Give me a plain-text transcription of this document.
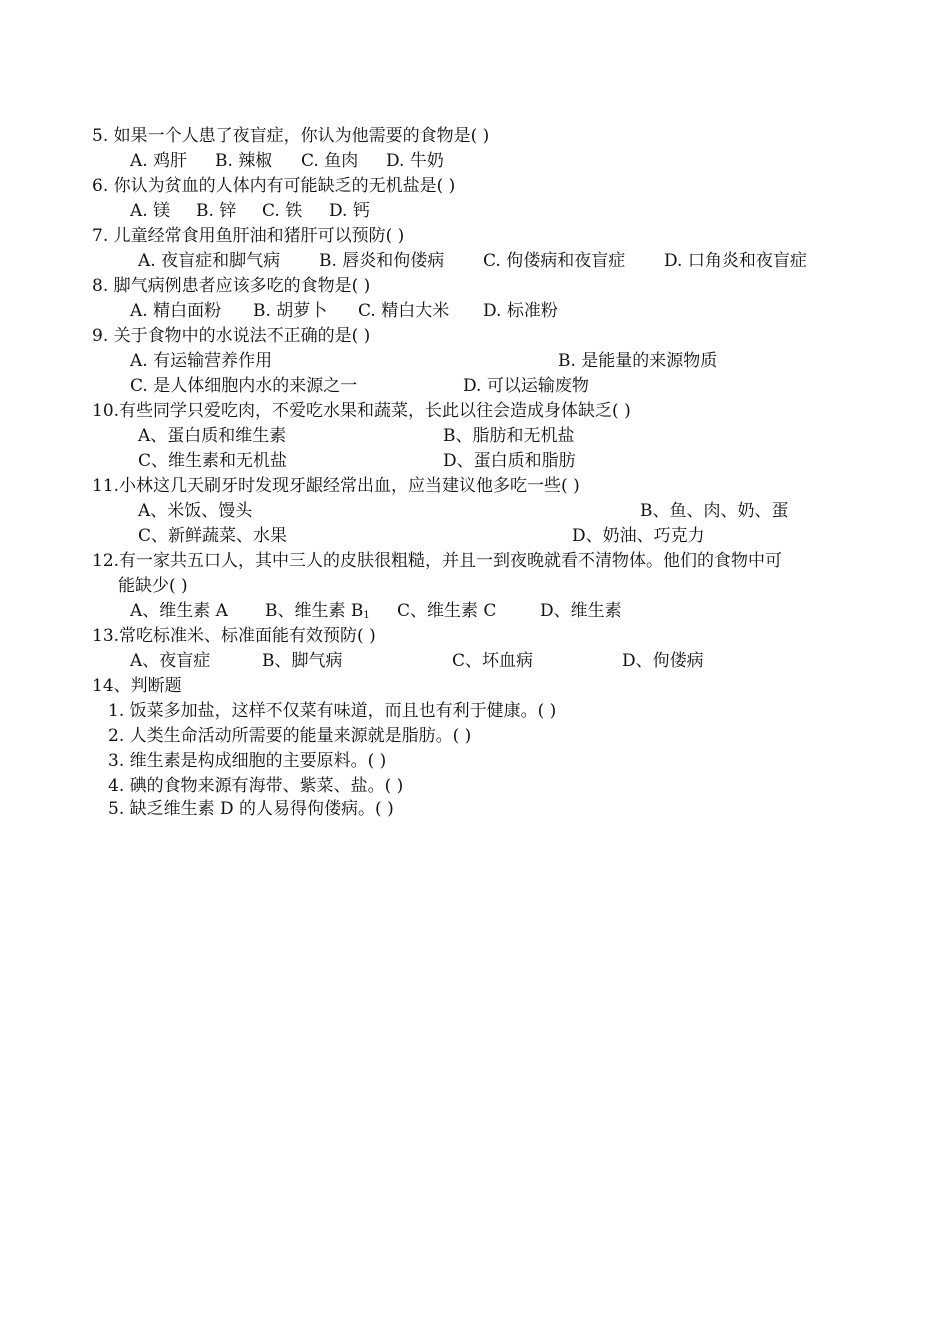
5. 如果一个人患了夜盲症，你认为他需要的食物是( )
A. 鸡肝 B. 辣椒 C. 鱼肉 D. 牛奶
6. 你认为贫血的人体内有可能缺乏的无机盐是( )
A. 镁 B. 锌 C. 铁 D. 钙
7. 儿童经常食用鱼肝油和猪肝可以预防( )
A. 夜盲症和脚气病 B. 唇炎和佝偻病 C. 佝偻病和夜盲症 D. 口角炎和夜盲症
8. 脚气病例患者应该多吃的食物是( )
A. 精白面粉 B. 胡萝卜 C. 精白大米 D. 标准粉
9. 关于食物中的水说法不正确的是( )
A. 有运输营养作用	B. 是能量的来源物质
C. 是人体细胞内水的来源之一	D. 可以运输废物
10.有些同学只爱吃肉，不爱吃水果和蔬菜，长此以往会造成身体缺乏( )
A、蛋白质和维生素	B、脂肪和无机盐
C、维生素和无机盐	D、蛋白质和脂肪
11.小林这几天刷牙时发现牙龈经常出血，应当建议他多吃一些( )
A、米饭、馒头	B、鱼、肉、奶、蛋
C、新鲜蔬菜、水果	D、奶油、巧克力
12.有一家共五口人，其中三人的皮肤很粗糙，并且一到夜晚就看不清物体。他们的食物中可
能缺少( )
A、维生素 A B、维生素 $B_1$ C、维生素 C	D、维生素
13.常吃标准米、标准面能有效预防( )
A、夜盲症	B、脚气病	C、坏血病	D、佝偻病
14、判断题
1. 饭菜多加盐，这样不仅菜有味道，而且也有利于健康。( )
2. 人类生命活动所需要的能量来源就是脂肪。( )
3. 维生素是构成细胞的主要原料。( )
4. 碘的食物来源有海带、紫菜、盐。( )
5. 缺乏维生素 D 的人易得佝偻病。( )
